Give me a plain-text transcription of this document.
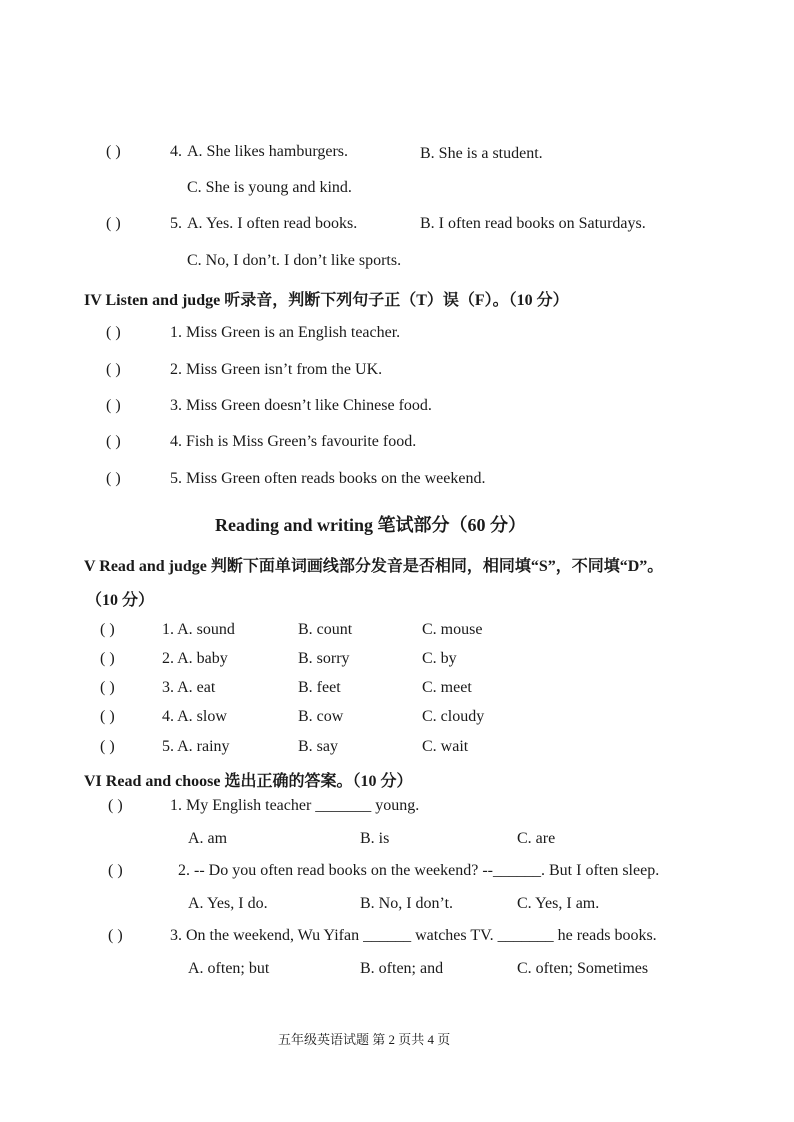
( )	4. A. She likes hamburgers.	B. She is a student.
C. She is young and kind.
( )	5. A. Yes. I often read books.	B. I often read books on Saturdays.
C. No, I don’t. I don’t like sports.
IV Listen and judge 听录音，判断下列句子正（T）误（F）。（10 分）
( )	1. Miss Green is an English teacher.
( )	2. Miss Green isn’t from the UK.
( )	3. Miss Green doesn’t like Chinese food.
( )	4. Fish is Miss Green’s favourite food.
( )	5. Miss Green often reads books on the weekend.
Reading and writing 笔试部分（60 分）
V Read and judge 判断下面单词画线部分发音是否相同，相同填“S”，不同填“D”。
（10 分）
( )	1. A. sound	B. count	C. mouse
( )	2. A. baby	B. sorry	C. by
( )	3. A. eat	B. feet	C. meet
( )	4. A. slow	B. cow	C. cloudy
( )	5. A. rainy	B. say	C. wait
VI Read and choose 选出正确的答案。（10 分）
( )	1. My English teacher _______ young.
A. am	B. is	C. are
( )	2. -- Do you often read books on the weekend? --______. But I often sleep.
A. Yes, I do.	B. No, I don’t.	C. Yes, I am.
( )	3. On the weekend, Wu Yifan ______ watches TV. _______ he reads books.
A. often; but	B. often; and	C. often; Sometimes
五年级英语试题 第 2 页共 4 页
